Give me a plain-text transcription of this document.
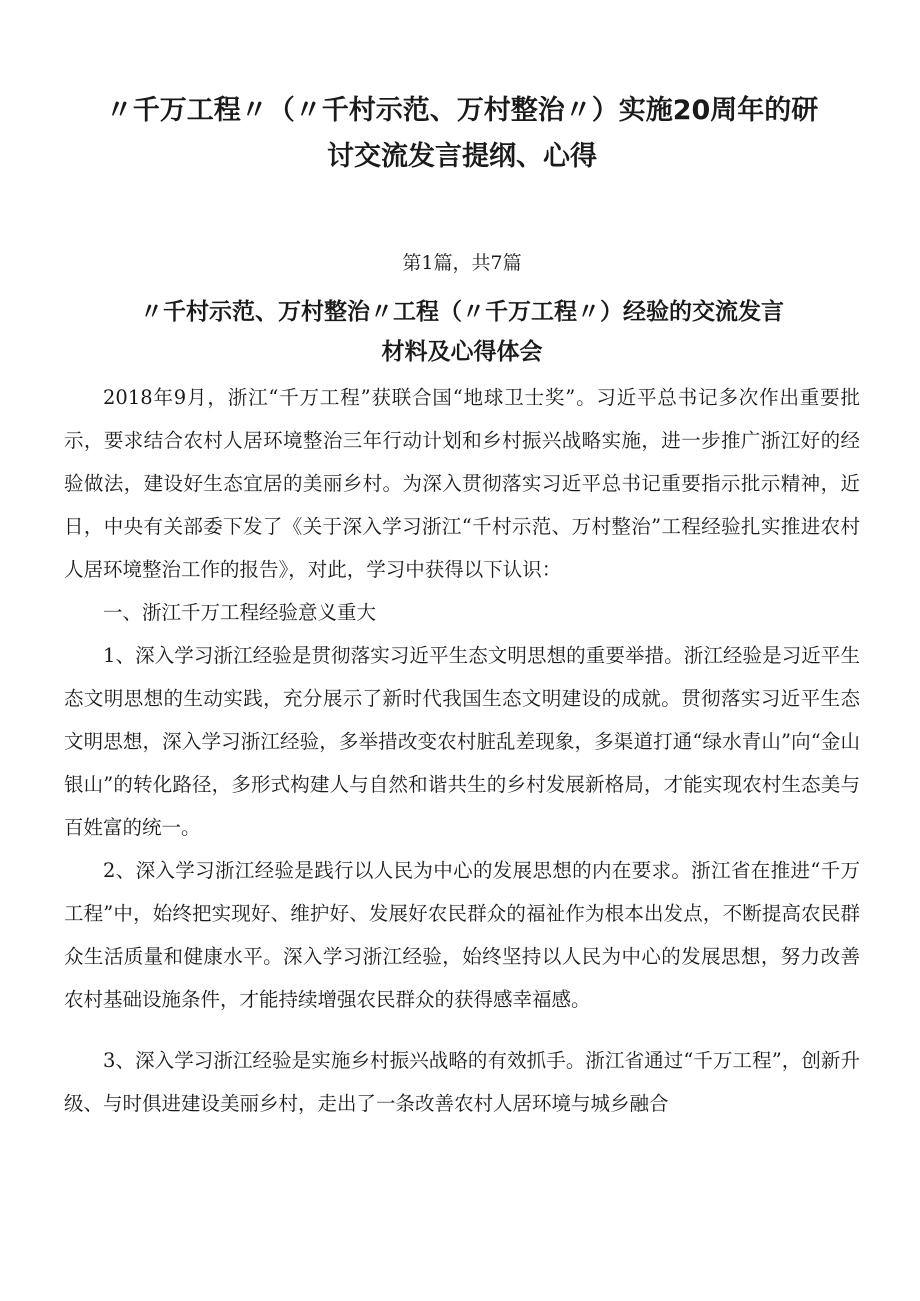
〃千万工程〃（〃千村示范、万村整治〃）实施20周年的研
讨交流发言提纲、心得

第1篇，共7篇

〃千村示范、万村整治〃工程（〃千万工程〃）经验的交流发言
材料及心得体会

2018年9月，浙江“千万工程”获联合国“地球卫士奖”。习近平总书记多次作出重要批示，要求结合农村人居环境整治三年行动计划和乡村振兴战略实施，进一步推广浙江好的经验做法，建设好生态宜居的美丽乡村。为深入贯彻落实习近平总书记重要指示批示精神，近日，中央有关部委下发了《关于深入学习浙江“千村示范、万村整治”工程经验扎实推进农村人居环境整治工作的报告》，对此，学习中获得以下认识：

一、浙江千万工程经验意义重大

1、深入学习浙江经验是贯彻落实习近平生态文明思想的重要举措。浙江经验是习近平生态文明思想的生动实践，充分展示了新时代我国生态文明建设的成就。贯彻落实习近平生态文明思想，深入学习浙江经验，多举措改变农村脏乱差现象，多渠道打通“绿水青山”向“金山银山”的转化路径，多形式构建人与自然和谐共生的乡村发展新格局，才能实现农村生态美与百姓富的统一。

2、深入学习浙江经验是践行以人民为中心的发展思想的内在要求。浙江省在推进“千万工程”中，始终把实现好、维护好、发展好农民群众的福祉作为根本出发点，不断提高农民群众生活质量和健康水平。深入学习浙江经验，始终坚持以人民为中心的发展思想，努力改善农村基础设施条件，才能持续增强农民群众的获得感幸福感。

3、深入学习浙江经验是实施乡村振兴战略的有效抓手。浙江省通过“千万工程”，创新升级、与时俱进建设美丽乡村，走出了一条改善农村人居环境与城乡融合
